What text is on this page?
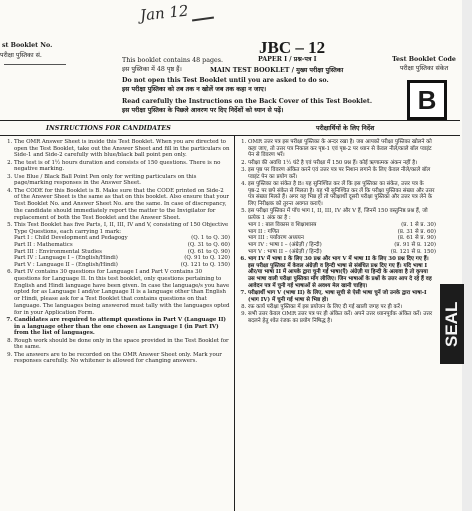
Jan 12
st Booklet No.
परीक्षा पुस्तिका सं.	JBC – 12
PAPER I / प्रश्न-पत्र I
This booklet contains 48 pages.
इस पुस्तिका में 48 पृष्ठ हैं।	MAIN TEST BOOKLET / मुख्य परीक्षा पुस्तिका
Do not open this Test Booklet until you are asked to do so.
इस परीक्षा पुस्तिका को तब तक न खोलें जब तक कहा न जाए।
Read carefully the Instructions on the Back Cover of this Test Booklet.
इस परीक्षा पुस्तिका के पिछले आवरण पर दिए निर्देशों को ध्यान से पढ़ें।
Test Booklet Code
परीक्षा पुस्तिका संकेत
B
INSTRUCTIONS FOR CANDIDATES	परीक्षार्थियों के लिए निर्देश
1. The OMR Answer Sheet is inside this Test Booklet. When you are directed to open the Test Booklet, take out the Answer Sheet and fill in the particulars on Side-1 and Side-2 carefully with blue/black ball point pen only.
2. The test is of 1½ hours duration and consists of 150 questions. There is no negative marking.
3. Use Blue / Black Ball Point Pen only for writing particulars on this page/marking responses in the Answer Sheet.
4. The CODE for this Booklet is B. Make sure that the CODE printed on Side-2 of the Answer Sheet is the same as that on this booklet. Also ensure that your Test Booklet No. and Answer Sheet No. are the same. In case of discrepancy, the candidate should immediately report the matter to the Invigilator for replacement of both the Test Booklet and the Answer Sheet.
5. This Test Booklet has five Parts, I, II, III, IV and V, consisting of 150 Objective Type Questions, each carrying 1 mark:
Part I : Child Development and Pedagogy	(Q. 1 to Q. 30)
Part II : Mathematics	(Q. 31 to Q. 60)
Part III : Environmental Studies	(Q. 61 to Q. 90)
Part IV : Language I – (English/Hindi)	(Q. 91 to Q. 120)
Part V : Language II – (English/Hindi)	(Q. 121 to Q. 150)
6. Part IV contains 30 questions for Language I and Part V contains 30 questions for Language II. In this test booklet, only questions pertaining to English and Hindi language have been given. In case the language/s you have opted for as Language I and/or Language II is a language other than English or Hindi, please ask for a Test Booklet that contains questions on that language. The languages being answered must tally with the languages opted for in your Application Form.
7. Candidates are required to attempt questions in Part V (Language II) in a language other than the one chosen as Language I (in Part IV) from the list of languages.
8. Rough work should be done only in the space provided in the Test Booklet for the same.
9. The answers are to be recorded on the OMR Answer Sheet only. Mark your responses carefully. No whitener is allowed for changing answers.
1. OMR उत्तर पत्र इस परीक्षा पुस्तिका के अन्दर रखा है। जब आपको परीक्षा पुस्तिका खोलने को कहा जाए, तो उत्तर पत्र निकाल कर पृष्ठ-1 एवं पृष्ठ-2 पर ध्यान से केवल नीले/काले बॉल प्वाइंट पेन से विवरण भरें।
2. परीक्षा की अवधि 1½ घंटे है एवं परीक्षा में 150 प्रश्न हैं। कोई ऋणात्मक अंकन नहीं है।
3. इस पृष्ठ पर विवरण अंकित करने एवं उत्तर पत्र पर निशान लगाने के लिए केवल नीले/काले बॉल प्वाइंट पेन का प्रयोग करें।
4. इस पुस्तिका का संकेत है B। यह सुनिश्चित कर लें कि इस पुस्तिका का संकेत, उत्तर पत्र के पृष्ठ-2 पर छपे संकेत से मिलता है। यह भी सुनिश्चित कर लें कि परीक्षा पुस्तिका संख्या और उत्तर पत्र संख्या मिलते हैं। अगर यह भिन्न हों तो परीक्षार्थी दूसरी परीक्षा पुस्तिका और उत्तर पत्र लेने के लिए निरीक्षक को तुरन्त अवगत कराएँ।
5. इस परीक्षा पुस्तिका में पाँच भाग I, II, III, IV और V हैं, जिनमें 150 वस्तुनिष्ठ प्रश्न हैं, जो प्रत्येक 1 अंक का है :
भाग I : बाल विकास व शिक्षाशास्त्र	(प्र. 1 से प्र. 30)
भाग II : गणित	(प्र. 31 से प्र. 60)
भाग III : पर्यावरण अध्ययन	(प्र. 61 से प्र. 90)
भाग IV : भाषा I – (अंग्रेज़ी / हिन्दी)	(प्र. 91 से प्र. 120)
भाग V : भाषा II – (अंग्रेज़ी / हिन्दी)	(प्र. 121 से प्र. 150)
6. भाग IV में भाषा I के लिए 30 प्रश्न और भाग V में भाषा II के लिए 30 प्रश्न दिए गए हैं। इस परीक्षा पुस्तिका में केवल अंग्रेज़ी व हिन्दी भाषा से संबंधित प्रश्न दिए गए हैं। यदि भाषा I और/या भाषा II में आपके द्वारा चुनी गई भाषा(एँ) अंग्रेज़ी या हिन्दी के अलावा है तो कृपया उस भाषा वाली परीक्षा पुस्तिका माँग लीजिए। जिन भाषाओं के प्रश्नों के उत्तर आप दे रहे हैं वह आवेदन पत्र में चुनी गई भाषाओं से अवश्य मेल खानी चाहिए।
7. परीक्षार्थी भाग V (भाषा II) के लिए, भाषा सूची से ऐसी भाषा चुनें जो उनके द्वारा भाषा-I (भाग IV) में चुनी गई भाषा से भिन्न हो।
8. रफ़ कार्य परीक्षा पुस्तिका में इस प्रयोजन के लिए दी गई खाली जगह पर ही करें।
9. सभी उत्तर केवल OMR उत्तर पत्र पर ही अंकित करें। अपने उत्तर ध्यानपूर्वक अंकित करें। उत्तर बदलने हेतु श्वेत रंजक का प्रयोग निषिद्ध है।	SEAL
